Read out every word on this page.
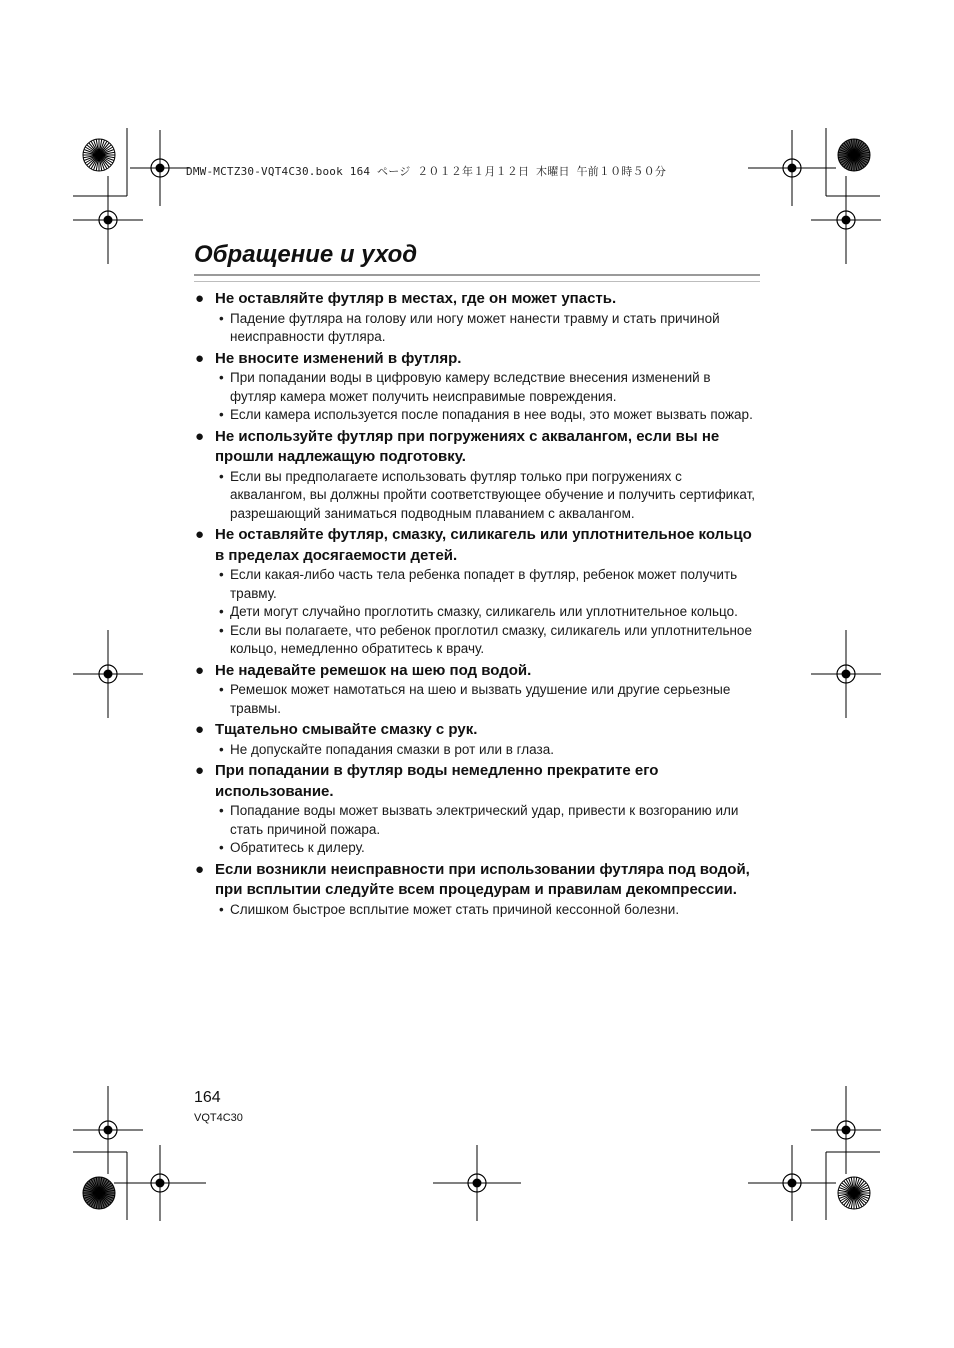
DMW-MCTZ30-VQT4C30.book 164 ページ ２０１２年１月１２日 木曜日 午前１０時５０分
Обращение и уход
● Не оставляйте футляр в местах, где он может упасть.
• Падение футляра на голову или ногу может нанести травму и стать причиной неисправности футляра.
● Не вносите изменений в футляр.
• При попадании воды в цифровую камеру вследствие внесения изменений в футляр камера может получить неисправимые повреждения.
• Если камера используется после попадания в нее воды, это может вызвать пожар.
● Не используйте футляр при погружениях с аквалангом, если вы не прошли надлежащую подготовку.
• Если вы предполагаете использовать футляр только при погружениях с аквалангом, вы должны пройти соответствующее обучение и получить сертификат, разрешающий заниматься подводным плаванием с аквалангом.
● Не оставляйте футляр, смазку, силикагель или уплотнительное кольцо в пределах досягаемости детей.
• Если какая-либо часть тела ребенка попадет в футляр, ребенок может получить травму.
• Дети могут случайно проглотить смазку, силикагель или уплотнительное кольцо.
• Если вы полагаете, что ребенок проглотил смазку, силикагель или уплотнительное кольцо, немедленно обратитесь к врачу.
● Не надевайте ремешок на шею под водой.
• Ремешок может намотаться на шею и вызвать удушение или другие серьезные травмы.
● Тщательно смывайте смазку с рук.
• Не допускайте попадания смазки в рот или в глаза.
● При попадании в футляр воды немедленно прекратите его использование.
• Попадание воды может вызвать электрический удар, привести к возгоранию или стать причиной пожара.
• Обратитесь к дилеру.
● Если возникли неисправности при использовании футляра под водой, при всплытии следуйте всем процедурам и правилам декомпрессии.
• Слишком быстрое всплытие может стать причиной кессонной болезни.
164
VQT4C30
